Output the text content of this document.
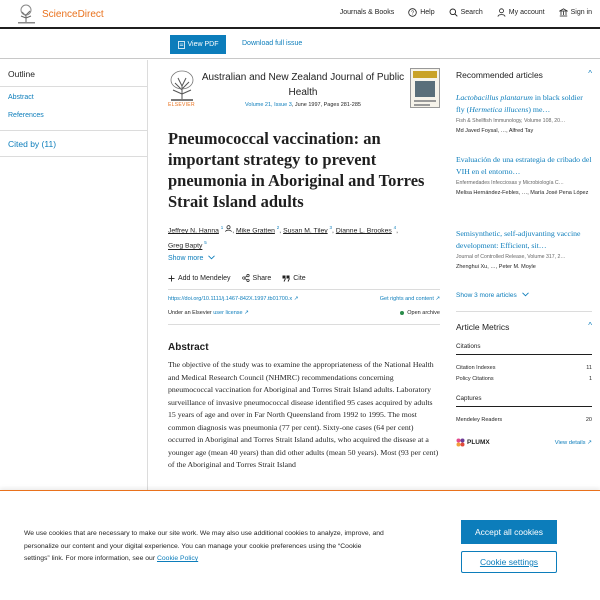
ScienceDirect	Journals & Books	? Help	Search	My account	Sign in
View PDF	Download full issue
Outline
Abstract
References
Cited by (11)
ELSEVIER
Australian and New Zealand Journal of Public Health
Volume 21, Issue 3, June 1997, Pages 281-285
Pneumococcal vaccination: an important strategy to prevent pneumonia in Aboriginal and Torres Strait Island adults
Jeffrey N. Hanna $^1$ , Mike Gratten $^2$, Susan M. Tiley $^3$, Dianne L. Brookes $^4$,
Greg Bapty $^5$
Show more
Add to Mendeley	Share	Cite
https://doi.org/10.1111/j.1467-842X.1997.tb01700.x ↗	Get rights and content ↗
Under an Elsevier user license ↗	Open archive
Abstract

The objective of the study was to examine the appropriateness of the National Health and Medical Research Council (NHMRC) recommendations concerning pneumococcal vaccination for Aboriginal and Torres Strait Island adults. Laboratory surveillance of invasive pneumococcal disease identified 95 cases acquired by adults 15 years of age and over in Far North Queensland from 1992 to 1995. The most common diagnosis was pneumonia (77 per cent). Sixty-one cases (64 per cent) occurred in Aboriginal and Torres Strait Island adults, who acquired the disease at a younger age (mean 40 years) than did other adults (mean 50 years). Most (93 per cent) of the Aboriginal and Torres Strait Island

Recommended articles	^
Lactobacillus plantarum in black soldier fly (Hermetica illucens) me…
Fish & Shellfish Immunology, Volume 108, 20…
Md Javed Foysal, …, Alfred Tay
Evaluación de una estrategia de cribado del VIH en el entorno…
Enfermedades Infecciosas y Microbiología C…
Melisa Hernández-Febles, …, María José Pena López
Semisynthetic, self-adjuvanting vaccine development: Efficient, sit…
Journal of Controlled Release, Volume 317, 2…
Zhenghui Xu, …, Peter M. Moyle
Show 3 more articles
Article Metrics	^
Citations
Citation Indexes	11
Policy Citations	1
Captures
Mendeley Readers	20
PLUMX	View details ↗

We use cookies that are necessary to make our site work. We may also use additional cookies to analyze, improve, and personalize our content and your digital experience. You can manage your cookie preferences using the “Cookie settings” link. For more information, see our Cookie Policy

Accept all cookies
Cookie settings
